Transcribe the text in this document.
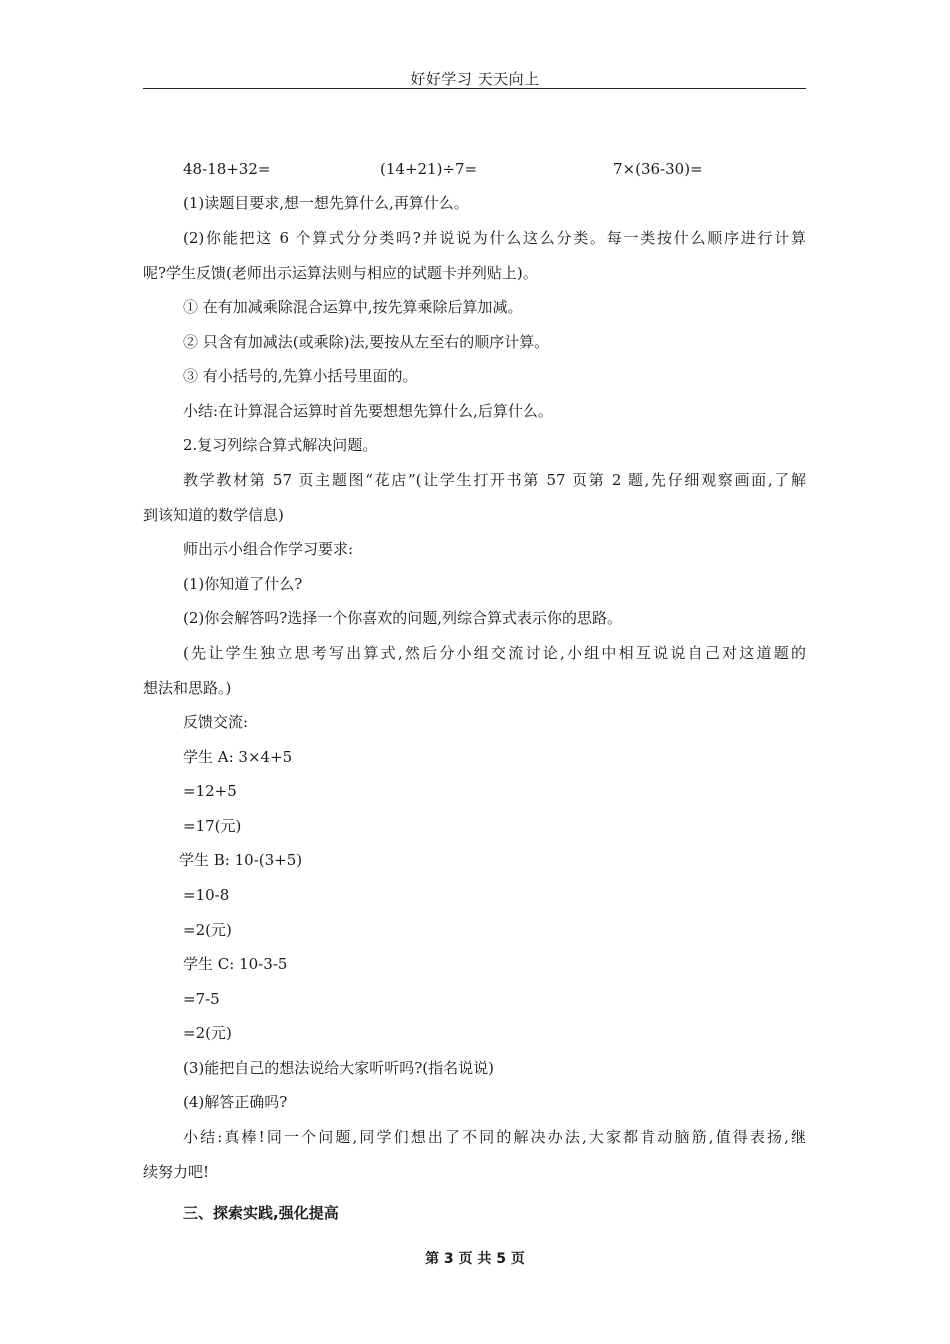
好好学习 天天向上
48-18+32=	(14+21)÷7=	7×(36-30)=
(1)读题目要求,想一想先算什么,再算什么。
(2)你能把这 6 个算式分分类吗?并说说为什么这么分类。每一类按什么顺序进行计算
呢?学生反馈(老师出示运算法则与相应的试题卡并列贴上)。
① 在有加减乘除混合运算中,按先算乘除后算加减。
② 只含有加减法(或乘除)法,要按从左至右的顺序计算。
③ 有小括号的,先算小括号里面的。
小结:在计算混合运算时首先要想想先算什么,后算什么。
2.复习列综合算式解决问题。
教学教材第 57 页主题图“花店”(让学生打开书第 57 页第 2 题,先仔细观察画面,了解
到该知道的数学信息)
师出示小组合作学习要求:
(1)你知道了什么?
(2)你会解答吗?选择一个你喜欢的问题,列综合算式表示你的思路。
(先让学生独立思考写出算式,然后分小组交流讨论,小组中相互说说自己对这道题的
想法和思路。)
反馈交流:
学生 A: 3×4+5
=12+5
=17(元)
学生 B: 10-(3+5)
=10-8
=2(元)
学生 C: 10-3-5
=7-5
=2(元)
(3)能把自己的想法说给大家听听吗?(指名说说)
(4)解答正确吗?
小结:真棒!同一个问题,同学们想出了不同的解决办法,大家都肯动脑筋,值得表扬,继
续努力吧!
三、探索实践,强化提高
第 3 页 共 5 页
